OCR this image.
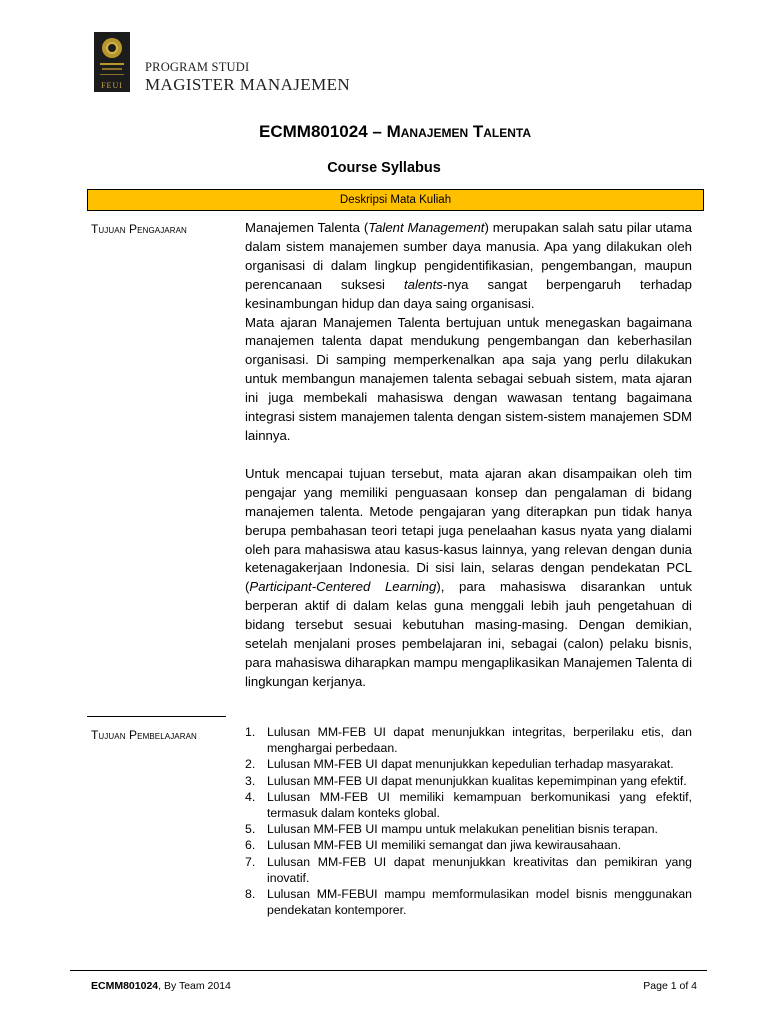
FEUI
PROGRAM STUDI
MAGISTER MANAJEMEN
ECMM801024 – Manajemen Talenta
Course Syllabus
Deskripsi Mata Kuliah
Tujuan Pengajaran	Manajemen Talenta (Talent Management) merupakan salah satu pilar utama dalam sistem manajemen sumber daya manusia. Apa yang dilakukan oleh organisasi di dalam lingkup pengidentifikasian, pengembangan, maupun perencanaan suksesi talents-nya sangat berpengaruh terhadap kesinambungan hidup dan daya saing organisasi.

Mata ajaran Manajemen Talenta bertujuan untuk menegaskan bagaimana manajemen talenta dapat mendukung pengembangan dan keberhasilan organisasi. Di samping memperkenalkan apa saja yang perlu dilakukan untuk membangun manajemen talenta sebagai sebuah sistem, mata ajaran ini juga membekali mahasiswa dengan wawasan tentang bagaimana integrasi sistem manajemen talenta dengan sistem-sistem manajemen SDM lainnya.

Untuk mencapai tujuan tersebut, mata ajaran akan disampaikan oleh tim pengajar yang memiliki penguasaan konsep dan pengalaman di bidang manajemen talenta. Metode pengajaran yang diterapkan pun tidak hanya berupa pembahasan teori tetapi juga penelaahan kasus nyata yang dialami oleh para mahasiswa atau kasus-kasus lainnya, yang relevan dengan dunia ketenagakerjaan Indonesia. Di sisi lain, selaras dengan pendekatan PCL (Participant-Centered Learning), para mahasiswa disarankan untuk berperan aktif di dalam kelas guna menggali lebih jauh pengetahuan di bidang tersebut sesuai kebutuhan masing-masing. Dengan demikian, setelah menjalani proses pembelajaran ini, sebagai (calon) pelaku bisnis, para mahasiswa diharapkan mampu mengaplikasikan Manajemen Talenta di lingkungan kerjanya.

Tujuan Pembelajaran	1. Lulusan MM-FEB UI dapat menunjukkan integritas, berperilaku etis, dan menghargai perbedaan.
2. Lulusan MM-FEB UI dapat menunjukkan kepedulian terhadap masyarakat.
3. Lulusan MM-FEB UI dapat menunjukkan kualitas kepemimpinan yang efektif.
4. Lulusan MM-FEB UI memiliki kemampuan berkomunikasi yang efektif, termasuk dalam konteks global.
5. Lulusan MM-FEB UI mampu untuk melakukan penelitian bisnis terapan.
6. Lulusan MM-FEB UI memiliki semangat dan jiwa kewirausahaan.
7. Lulusan MM-FEB UI dapat menunjukkan kreativitas dan pemikiran yang inovatif.
8. Lulusan MM-FEBUI mampu memformulasikan model bisnis menggunakan pendekatan kontemporer.
ECMM801024, By Team 2014	Page 1 of 4
